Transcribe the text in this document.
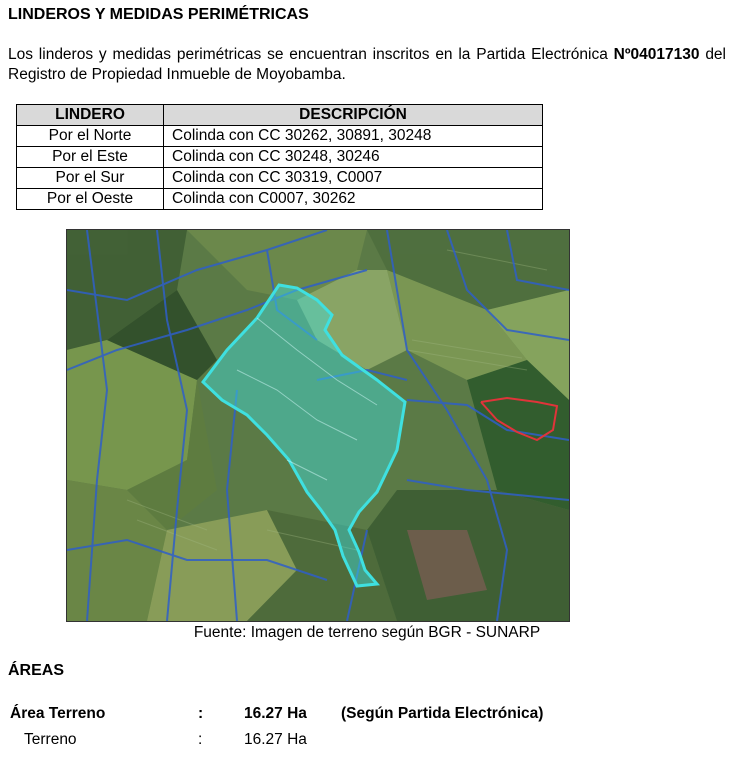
LINDEROS Y MEDIDAS PERIMÉTRICAS
Los linderos y medidas perimétricas se encuentran inscritos en la Partida Electrónica Nº04017130 del Registro de Propiedad Inmueble de Moyobamba.
LINDERO	DESCRIPCIÓN
Por el Norte	Colinda con CC 30262, 30891, 30248
Por el Este	Colinda con CC 30248, 30246
Por el Sur	Colinda con CC 30319, C0007
Por el Oeste	Colinda con C0007, 30262
Fuente: Imagen de terreno según BGR - SUNARP
ÁREAS
Área Terreno	:	16.27 Ha (Según Partida Electrónica)
Terreno	:	16.27 Ha
